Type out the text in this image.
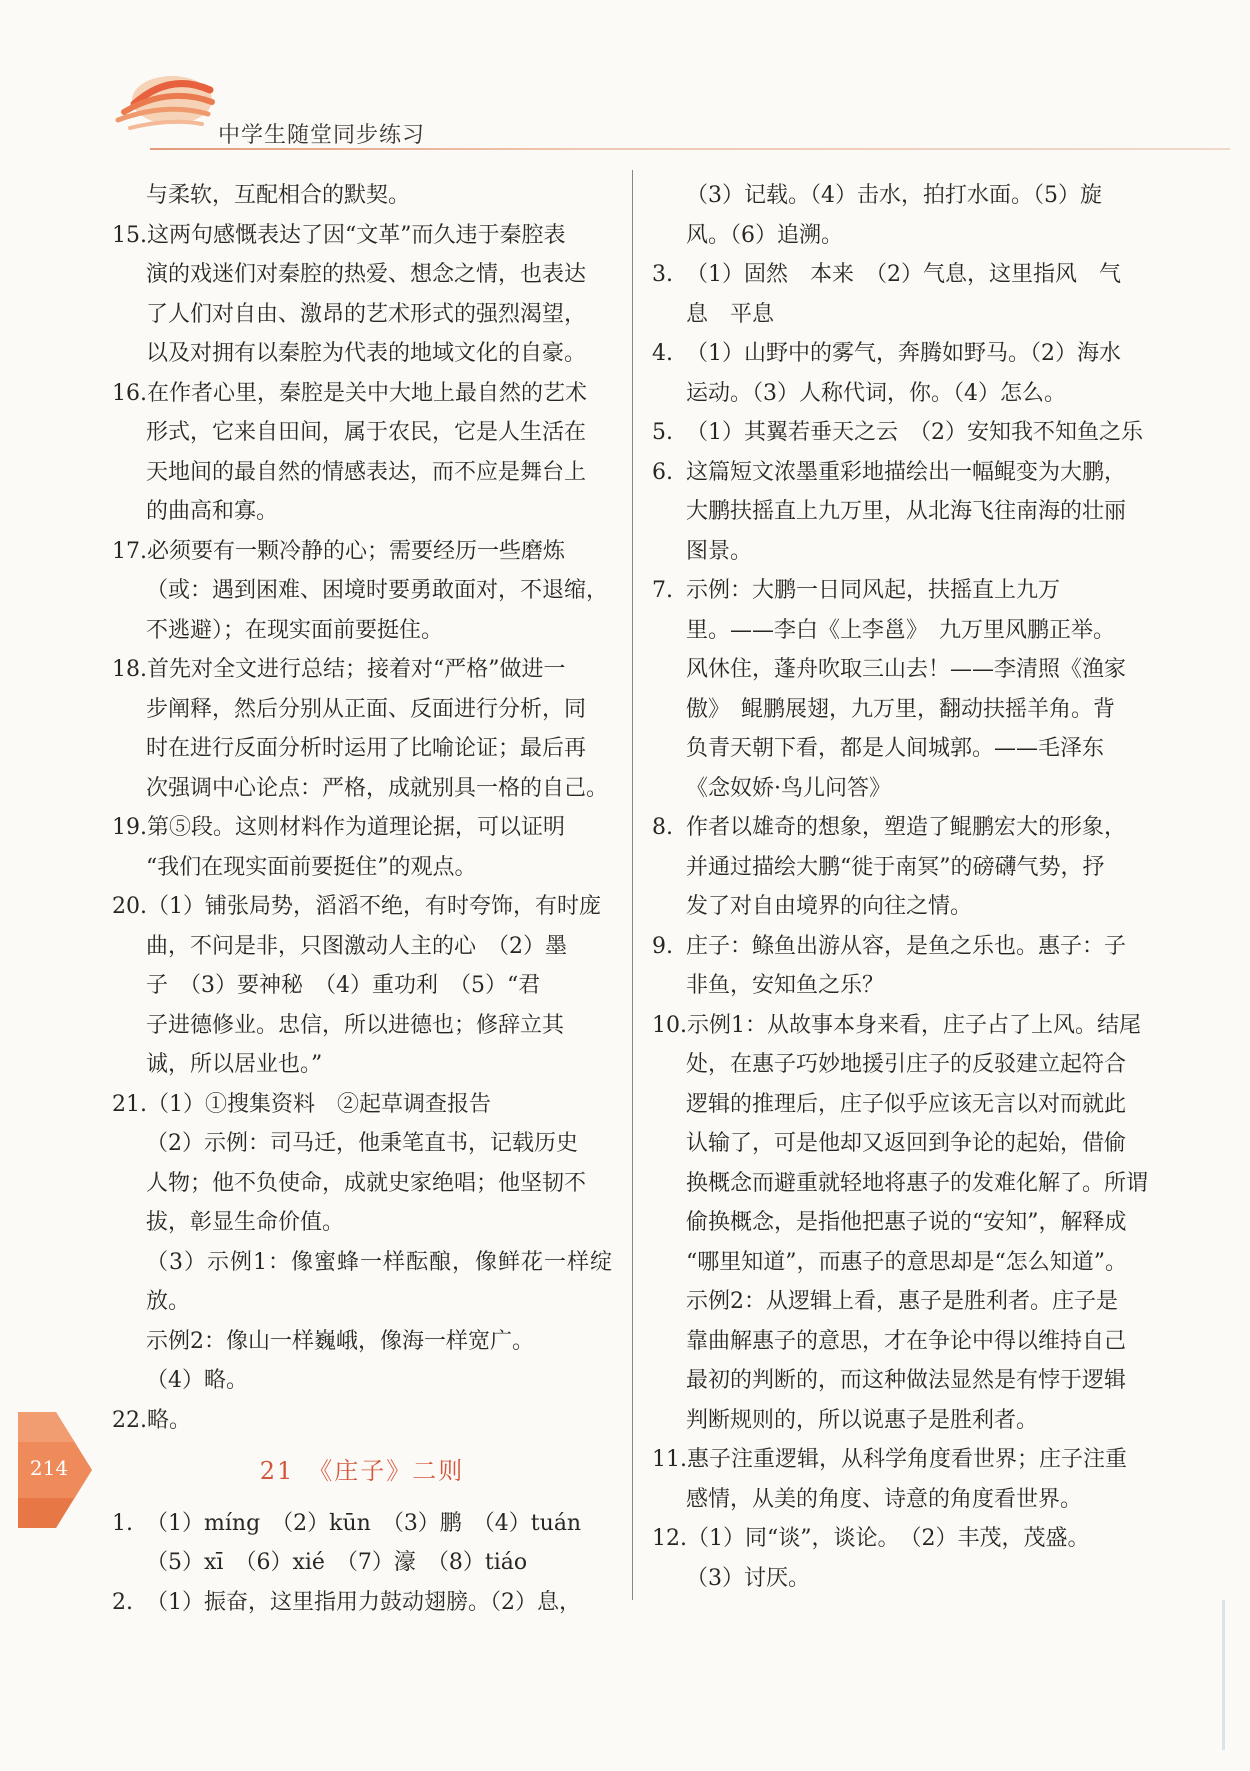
中学生随堂同步练习
与柔软，互配相合的默契。
15. 这两句感慨表达了因“文革”而久违于秦腔表
演的戏迷们对秦腔的热爱、想念之情，也表达
了人们对自由、激昂的艺术形式的强烈渴望，
以及对拥有以秦腔为代表的地域文化的自豪。
16. 在作者心里，秦腔是关中大地上最自然的艺术
形式，它来自田间，属于农民，它是人生活在
天地间的最自然的情感表达，而不应是舞台上
的曲高和寡。
17. 必须要有一颗冷静的心；需要经历一些磨炼
（或：遇到困难、困境时要勇敢面对，不退缩，
不逃避）；在现实面前要挺住。
18. 首先对全文进行总结；接着对“严格”做进一
步阐释，然后分别从正面、反面进行分析，同
时在进行反面分析时运用了比喻论证；最后再
次强调中心论点：严格，成就别具一格的自己。
19. 第⑤段。这则材料作为道理论据，可以证明
“我们在现实面前要挺住”的观点。
20. （1）铺张局势，滔滔不绝，有时夸饰，有时庞
曲，不问是非，只图激动人主的心　（2）墨
子　（3）要神秘　（4）重功利　（5）“君
子进德修业。忠信，所以进德也；修辞立其
诚，所以居业也。”
21. （1）①搜集资料　②起草调查报告
（2）示例：司马迁，他秉笔直书，记载历史
人物；他不负使命，成就史家绝唱；他坚韧不
拔，彰显生命价值。
（3）示例1：像蜜蜂一样酝酿，像鲜花一样绽放。
示例2：像山一样巍峨，像海一样宽广。
（4）略。
22. 略。
21　《庄子》二则
1. （1）míng　（2）kūn　（3）鹏　（4）tuán
（5）xī　（6）xié　（7）濠　（8）tiáo
2. （1）振奋，这里指用力鼓动翅膀。（2）息，
（3）记载。（4）击水，拍打水面。（5）旋
风。（6）追溯。
3. （1）固然　本来　（2）气息，这里指风　气
息　平息
4. （1）山野中的雾气，奔腾如野马。（2）海水
运动。（3）人称代词，你。（4）怎么。
5. （1）其翼若垂天之云　（2）安知我不知鱼之乐
6. 这篇短文浓墨重彩地描绘出一幅鲲变为大鹏，
大鹏扶摇直上九万里，从北海飞往南海的壮丽
图景。
7. 示例：大鹏一日同风起，扶摇直上九万
里。——李白《上李邕》　九万里风鹏正举。
风休住，蓬舟吹取三山去！——李清照《渔家
傲》　鲲鹏展翅，九万里，翻动扶摇羊角。背
负青天朝下看，都是人间城郭。——毛泽东
《念奴娇·鸟儿问答》
8. 作者以雄奇的想象，塑造了鲲鹏宏大的形象，
并通过描绘大鹏“徙于南冥”的磅礴气势，抒
发了对自由境界的向往之情。
9. 庄子：鲦鱼出游从容，是鱼之乐也。惠子：子
非鱼，安知鱼之乐？
10. 示例1：从故事本身来看，庄子占了上风。结尾
处，在惠子巧妙地援引庄子的反驳建立起符合
逻辑的推理后，庄子似乎应该无言以对而就此
认输了，可是他却又返回到争论的起始，借偷
换概念而避重就轻地将惠子的发难化解了。所谓
偷换概念，是指他把惠子说的“安知”，解释成
“哪里知道”，而惠子的意思却是“怎么知道”。
示例2：从逻辑上看，惠子是胜利者。庄子是
靠曲解惠子的意思，才在争论中得以维持自己
最初的判断的，而这种做法显然是有悖于逻辑
判断规则的，所以说惠子是胜利者。
11. 惠子注重逻辑，从科学角度看世界；庄子注重
感情，从美的角度、诗意的角度看世界。
12. （1）同“谈”，谈论。　（2）丰茂，茂盛。
（3）讨厌。
214
